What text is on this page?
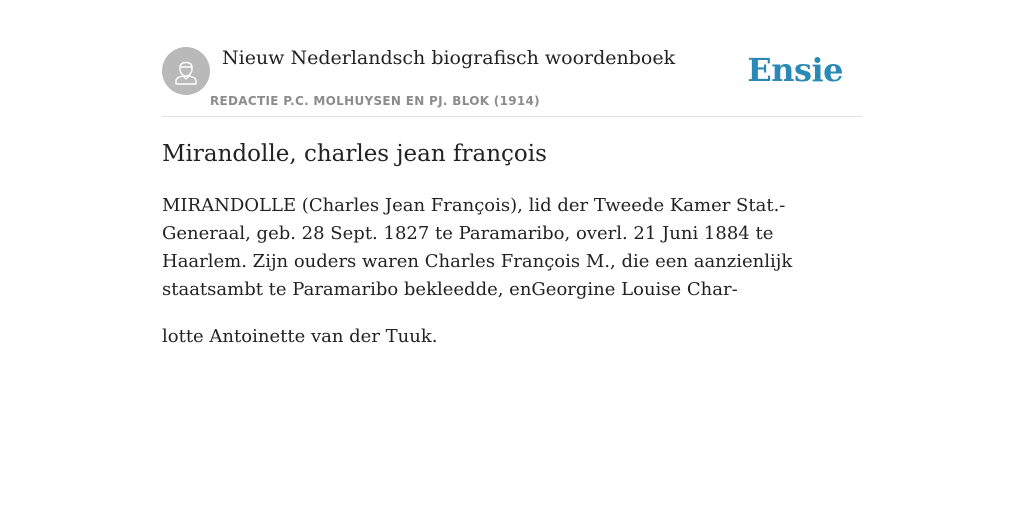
Nieuw Nederlandsch biografisch woordenboek
REDACTIE P.C. MOLHUYSEN EN PJ. BLOK (1914)
Ensie
Mirandolle, charles jean françois

MIRANDOLLE (Charles Jean François), lid der Tweede Kamer Stat.-Generaal, geb. 28 Sept. 1827 te Paramaribo, overl. 21 Juni 1884 te Haarlem. Zijn ouders waren Charles François M., die een aanzienlijk staatsambt te Paramaribo bekleedde, enGeorgine Louise Char-

lotte Antoinette van der Tuuk.
